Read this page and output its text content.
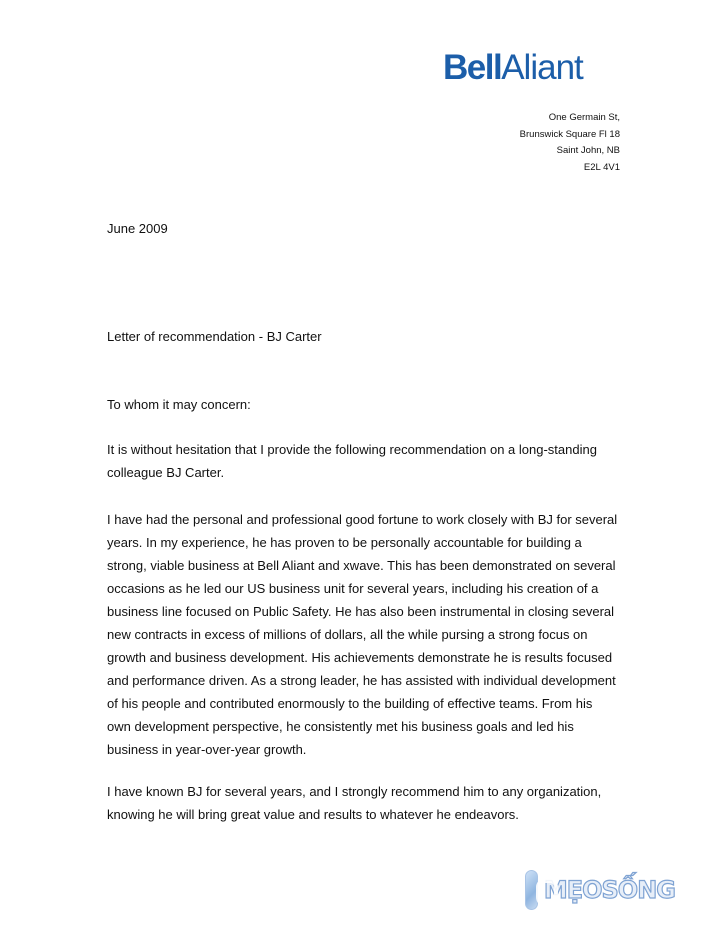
BellAliant
One Germain St,
Brunswick Square Fl 18
Saint John, NB
E2L 4V1
June 2009
Letter of recommendation - BJ Carter
To whom it may concern:
It is without hesitation that I provide the following recommendation on a long-standing
colleague BJ Carter.
I have had the personal and professional good fortune to work closely with BJ for several
years. In my experience, he has proven to be personally accountable for building a
strong, viable business at Bell Aliant and xwave. This has been demonstrated on several
occasions as he led our US business unit for several years, including his creation of a
business line focused on Public Safety. He has also been instrumental in closing several
new contracts in excess of millions of dollars, all the while pursing a strong focus on
growth and business development. His achievements demonstrate he is results focused
and performance driven. As a strong leader, he has assisted with individual development
of his people and contributed enormously to the building of effective teams. From his
own development perspective, he consistently met his business goals and led his
business in year-over-year growth.
I have known BJ for several years, and I strongly recommend him to any organization,
knowing he will bring great value and results to whatever he endeavors.
MẸOSỐNG
